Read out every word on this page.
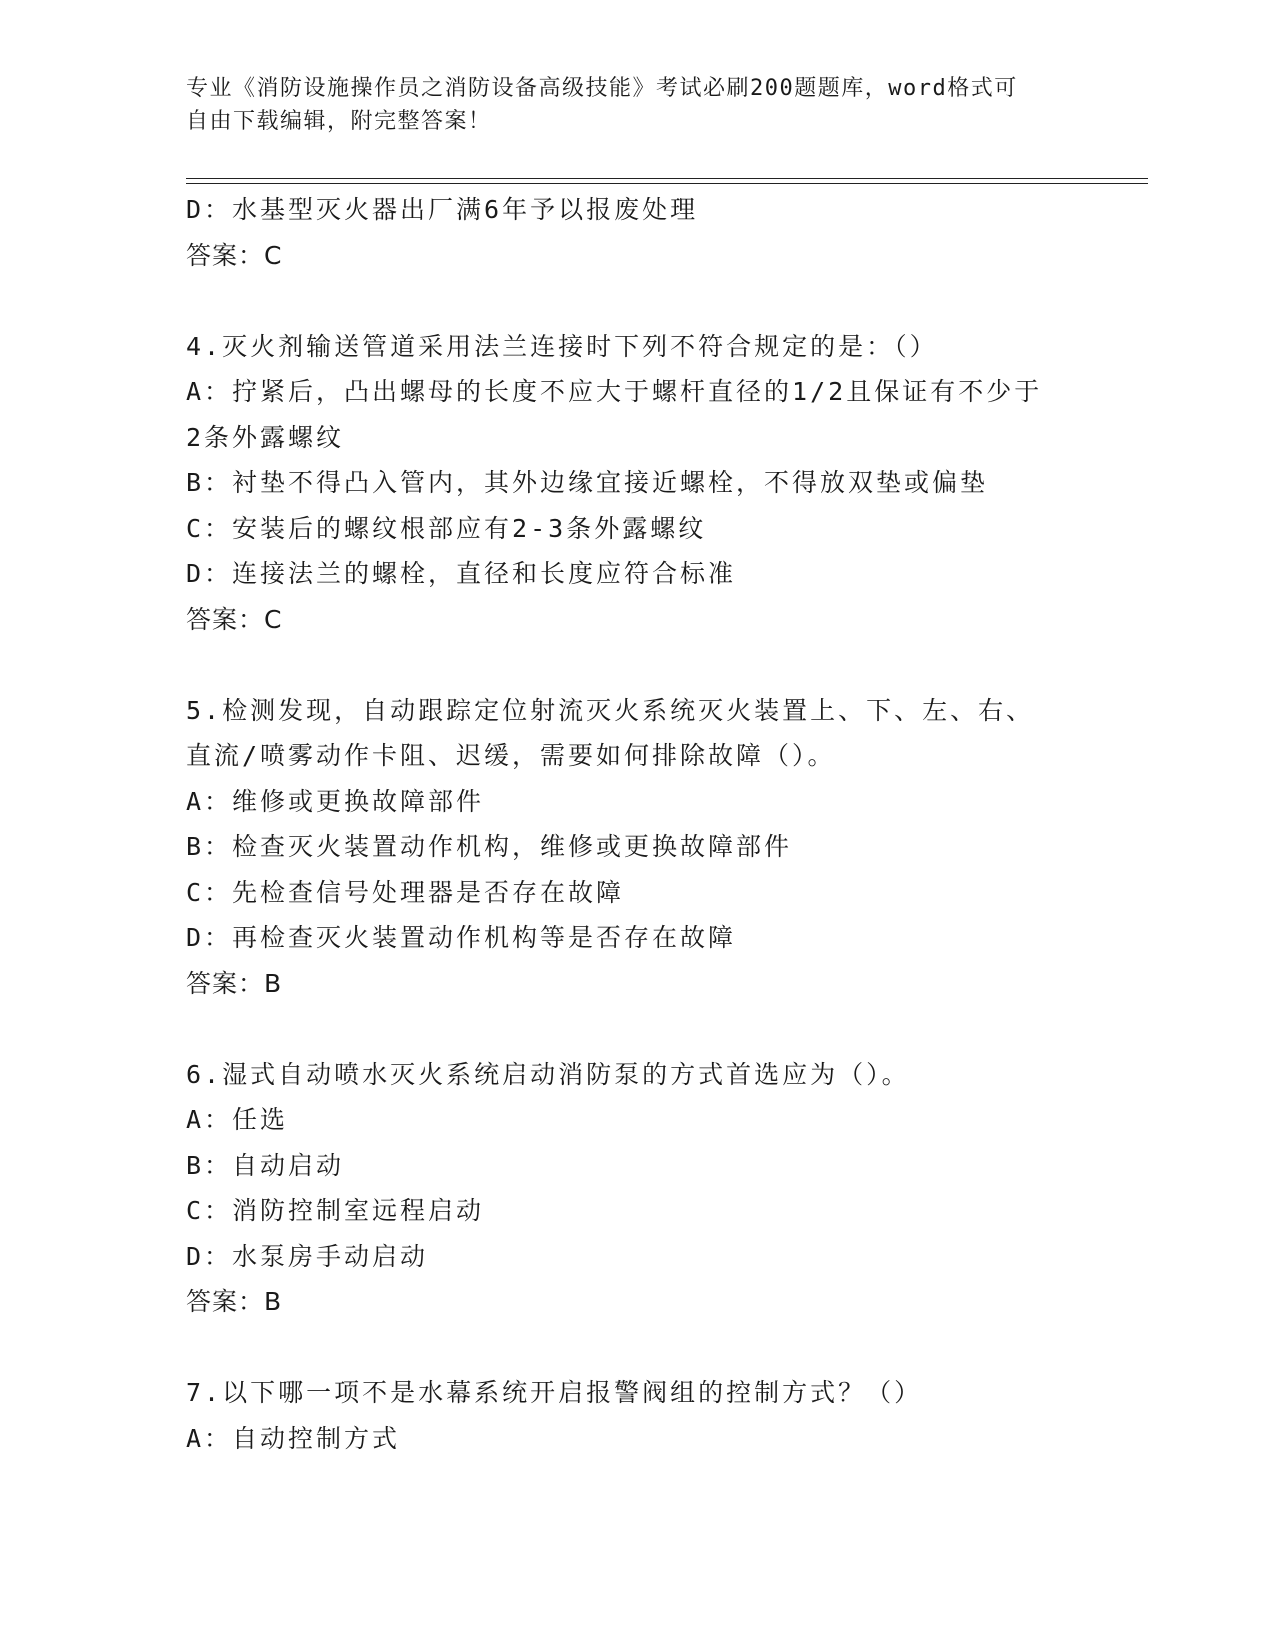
专业《消防设施操作员之消防设备高级技能》考试必刷200题题库，word格式可
自由下载编辑，附完整答案！
D：水基型灭火器出厂满6年予以报废处理
答案：C
4.灭火剂输送管道采用法兰连接时下列不符合规定的是：（）
A：拧紧后，凸出螺母的长度不应大于螺杆直径的1/2且保证有不少于
2条外露螺纹
B：衬垫不得凸入管内，其外边缘宜接近螺栓，不得放双垫或偏垫
C：安装后的螺纹根部应有2-3条外露螺纹
D：连接法兰的螺栓，直径和长度应符合标准
答案：C
5.检测发现，自动跟踪定位射流灭火系统灭火装置上、下、左、右、
直流/喷雾动作卡阻、迟缓，需要如何排除故障（）。
A：维修或更换故障部件
B：检查灭火装置动作机构，维修或更换故障部件
C：先检查信号处理器是否存在故障
D：再检查灭火装置动作机构等是否存在故障
答案：B
6.湿式自动喷水灭火系统启动消防泵的方式首选应为（）。
A：任选
B：自动启动
C：消防控制室远程启动
D：水泵房手动启动
答案：B
7.以下哪一项不是水幕系统开启报警阀组的控制方式？（）
A：自动控制方式
